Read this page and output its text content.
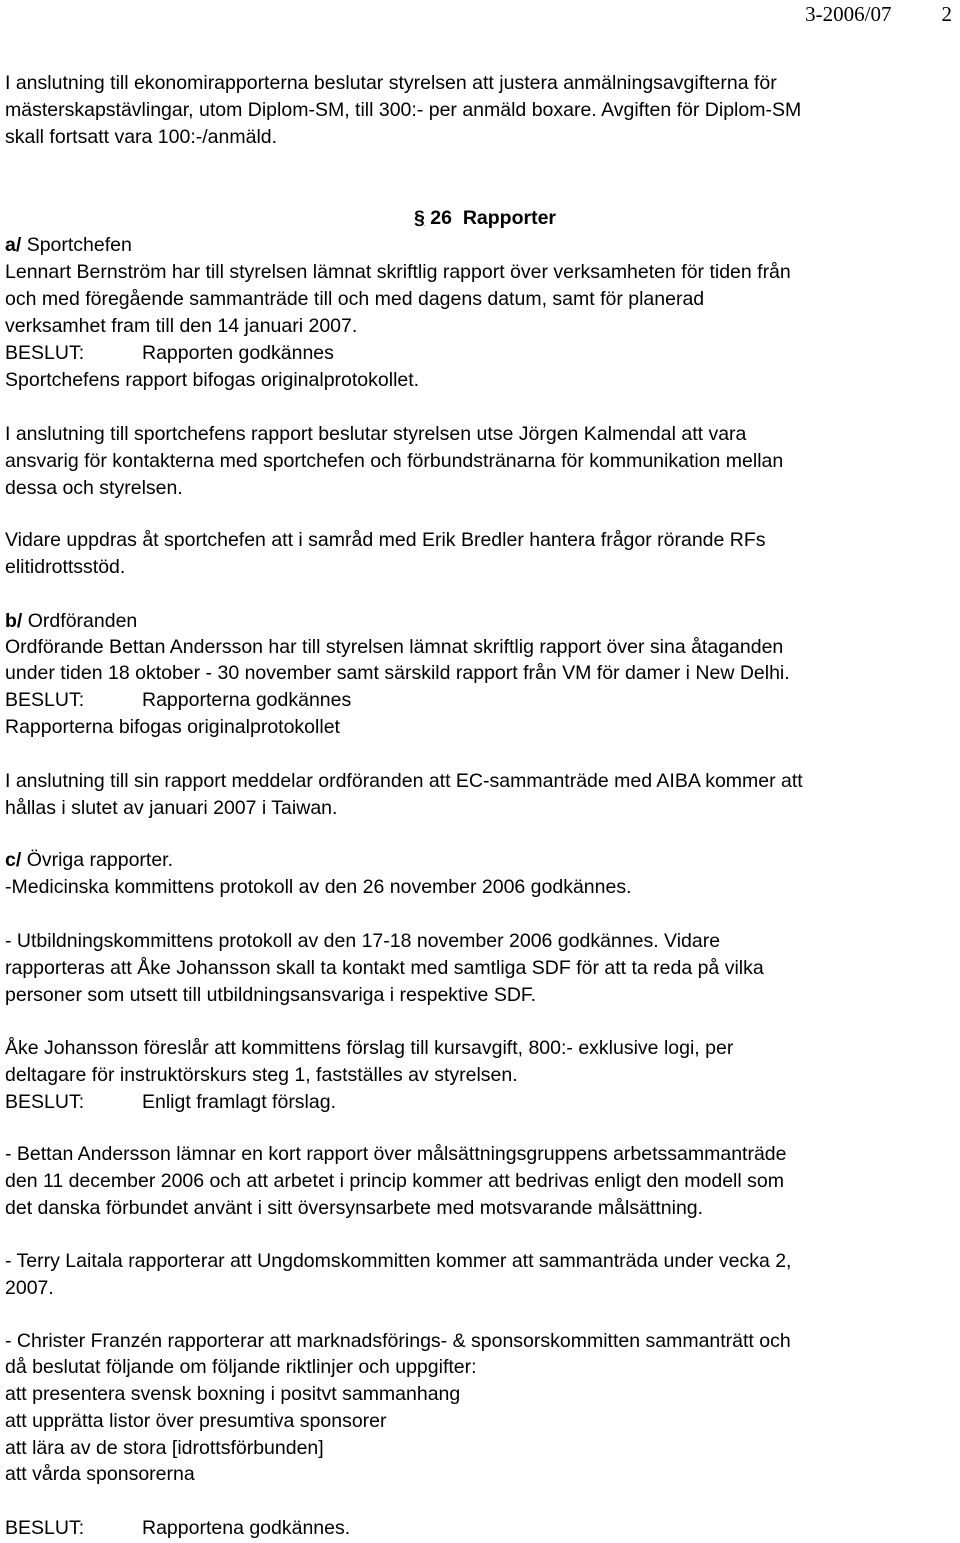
3-2006/07 2
I anslutning till ekonomirapporterna beslutar styrelsen att justera anmälningsavgifterna för
mästerskapstävlingar, utom Diplom-SM, till 300:- per anmäld boxare. Avgiften för Diplom-SM
skall fortsatt vara 100:-/anmäld.
§ 26 Rapporter
a/ Sportchefen
Lennart Bernström har till styrelsen lämnat skriftlig rapport över verksamheten för tiden från
och med föregående sammanträde till och med dagens datum, samt för planerad
verksamhet fram till den 14 januari 2007.
BESLUT:	Rapporten godkännes
Sportchefens rapport bifogas originalprotokollet.
I anslutning till sportchefens rapport beslutar styrelsen utse Jörgen Kalmendal att vara
ansvarig för kontakterna med sportchefen och förbundstränarna för kommunikation mellan
dessa och styrelsen.
Vidare uppdras åt sportchefen att i samråd med Erik Bredler hantera frågor rörande RFs
elitidrottsstöd.
b/ Ordföranden
Ordförande Bettan Andersson har till styrelsen lämnat skriftlig rapport över sina åtaganden
under tiden 18 oktober - 30 november samt särskild rapport från VM för damer i New Delhi.
BESLUT:	Rapporterna godkännes
Rapporterna bifogas originalprotokollet
I anslutning till sin rapport meddelar ordföranden att EC-sammanträde med AIBA kommer att
hållas i slutet av januari 2007 i Taiwan.
c/ Övriga rapporter.
-Medicinska kommittens protokoll av den 26 november 2006 godkännes.
- Utbildningskommittens protokoll av den 17-18 november 2006 godkännes. Vidare
rapporteras att Åke Johansson skall ta kontakt med samtliga SDF för att ta reda på vilka
personer som utsett till utbildningsansvariga i respektive SDF.
Åke Johansson föreslår att kommittens förslag till kursavgift, 800:- exklusive logi, per
deltagare för instruktörskurs steg 1, fastställes av styrelsen.
BESLUT:	Enligt framlagt förslag.
- Bettan Andersson lämnar en kort rapport över målsättningsgruppens arbetssammanträde
den 11 december 2006 och att arbetet i princip kommer att bedrivas enligt den modell som
det danska förbundet använt i sitt översynsarbete med motsvarande målsättning.
- Terry Laitala rapporterar att Ungdomskommitten kommer att sammanträda under vecka 2,
2007.
- Christer Franzén rapporterar att marknadsförings- & sponsorskommitten sammanträtt och
då beslutat följande om följande riktlinjer och uppgifter:
att presentera svensk boxning i positvt sammanhang
att upprätta listor över presumtiva sponsorer
att lära av de stora [idrottsförbunden]
att vårda sponsorerna
BESLUT:	Rapportena godkännes.
